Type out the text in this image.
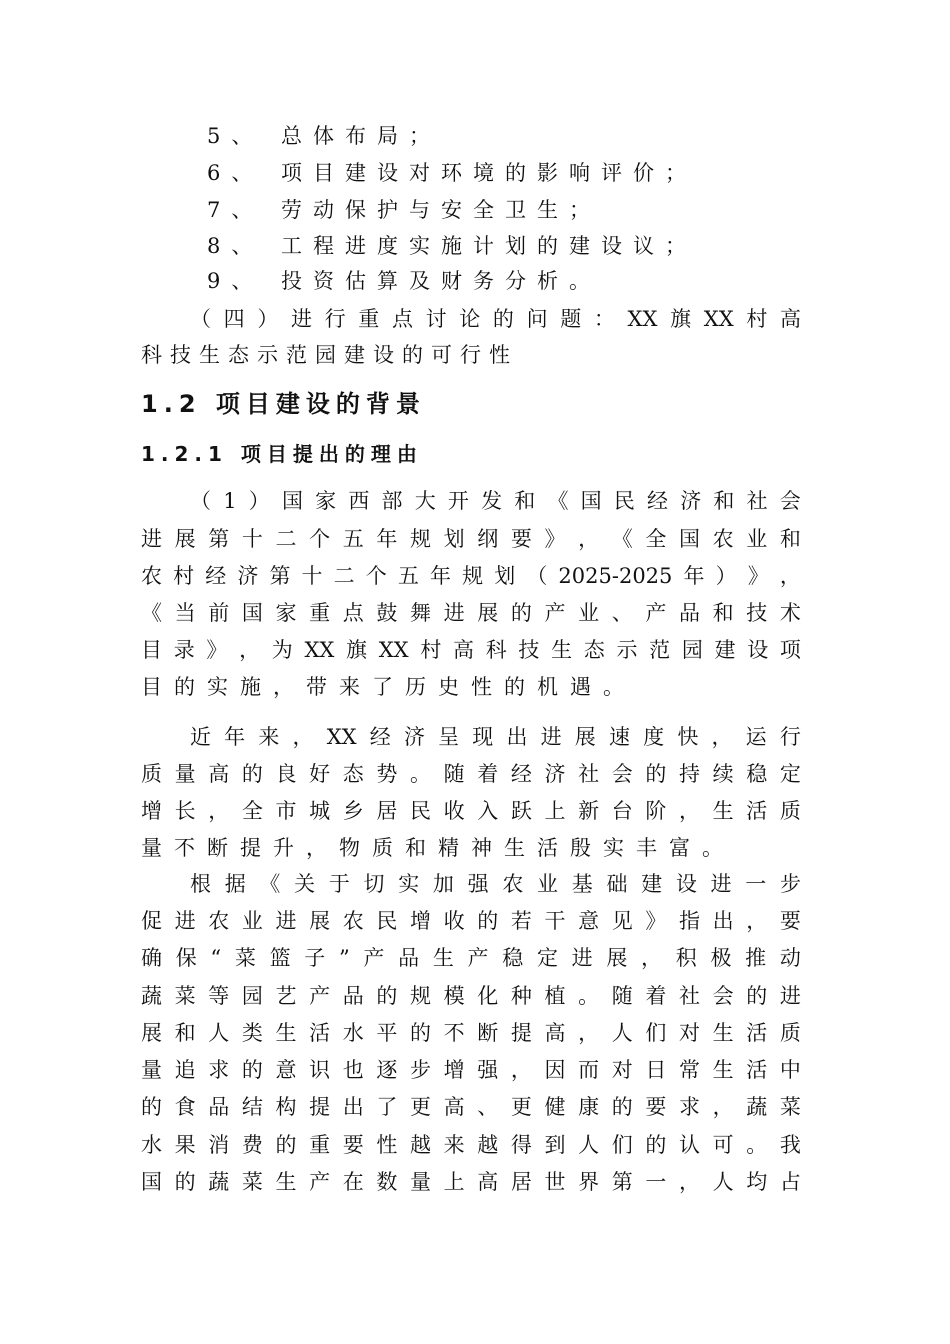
5、 总体布局；
6、 项目建设对环境的影响评价；
7、 劳动保护与安全卫生；
8、 工程进度实施计划的建设议；
9、 投资估算及财务分析。
（ 四 ） 进 行 重 点 讨 论 的 问 题 ： XX 旗 XX 村 高
科技生态示范园建设的可行性
1.2 项目建设的背景
1.2.1 项目提出的理由
（ 1 ） 国 家 西 部 大 开 发 和 《 国 民 经 济 和 社 会
进 展 第 十 二 个 五 年 规 划 纲 要 》 ， 《 全 国 农 业 和
农 村 经 济 第 十 二 个 五 年 规 划 （ 2025-2025 年 ） 》 ，
《 当 前 国 家 重 点 鼓 舞 进 展 的 产 业 、 产 品 和 技 术
目 录 》 ， 为 XX 旗 XX 村 高 科 技 生 态 示 范 园 建 设 项
目的实施，带来了历史性的机遇。
近 年 来 ， XX 经 济 呈 现 出 进 展 速 度 快 ， 运 行
质 量 高 的 良 好 态 势 。 随 着 经 济 社 会 的 持 续 稳 定
增 长 ， 全 市 城 乡 居 民 收 入 跃 上 新 台 阶 ， 生 活 质
量不断提升，物质和精神生活殷实丰富。
根 据 《 关 于 切 实 加 强 农 业 基 础 建 设 进 一 步
促 进 农 业 进 展 农 民 增 收 的 若 干 意 见 》 指 出 ， 要
确 保 “ 菜 篮 子 ” 产 品 生 产 稳 定 进 展 ， 积 极 推 动
蔬 菜 等 园 艺 产 品 的 规 模 化 种 植 。 随 着 社 会 的 进
展 和 人 类 生 活 水 平 的 不 断 提 高 ， 人 们 对 生 活 质
量 追 求 的 意 识 也 逐 步 增 强 ， 因 而 对 日 常 生 活 中
的 食 品 结 构 提 出 了 更 高 、 更 健 康 的 要 求 ， 蔬 菜
水 果 消 费 的 重 要 性 越 来 越 得 到 人 们 的 认 可 。 我
国 的 蔬 菜 生 产 在 数 量 上 高 居 世 界 第 一 ， 人 均 占
